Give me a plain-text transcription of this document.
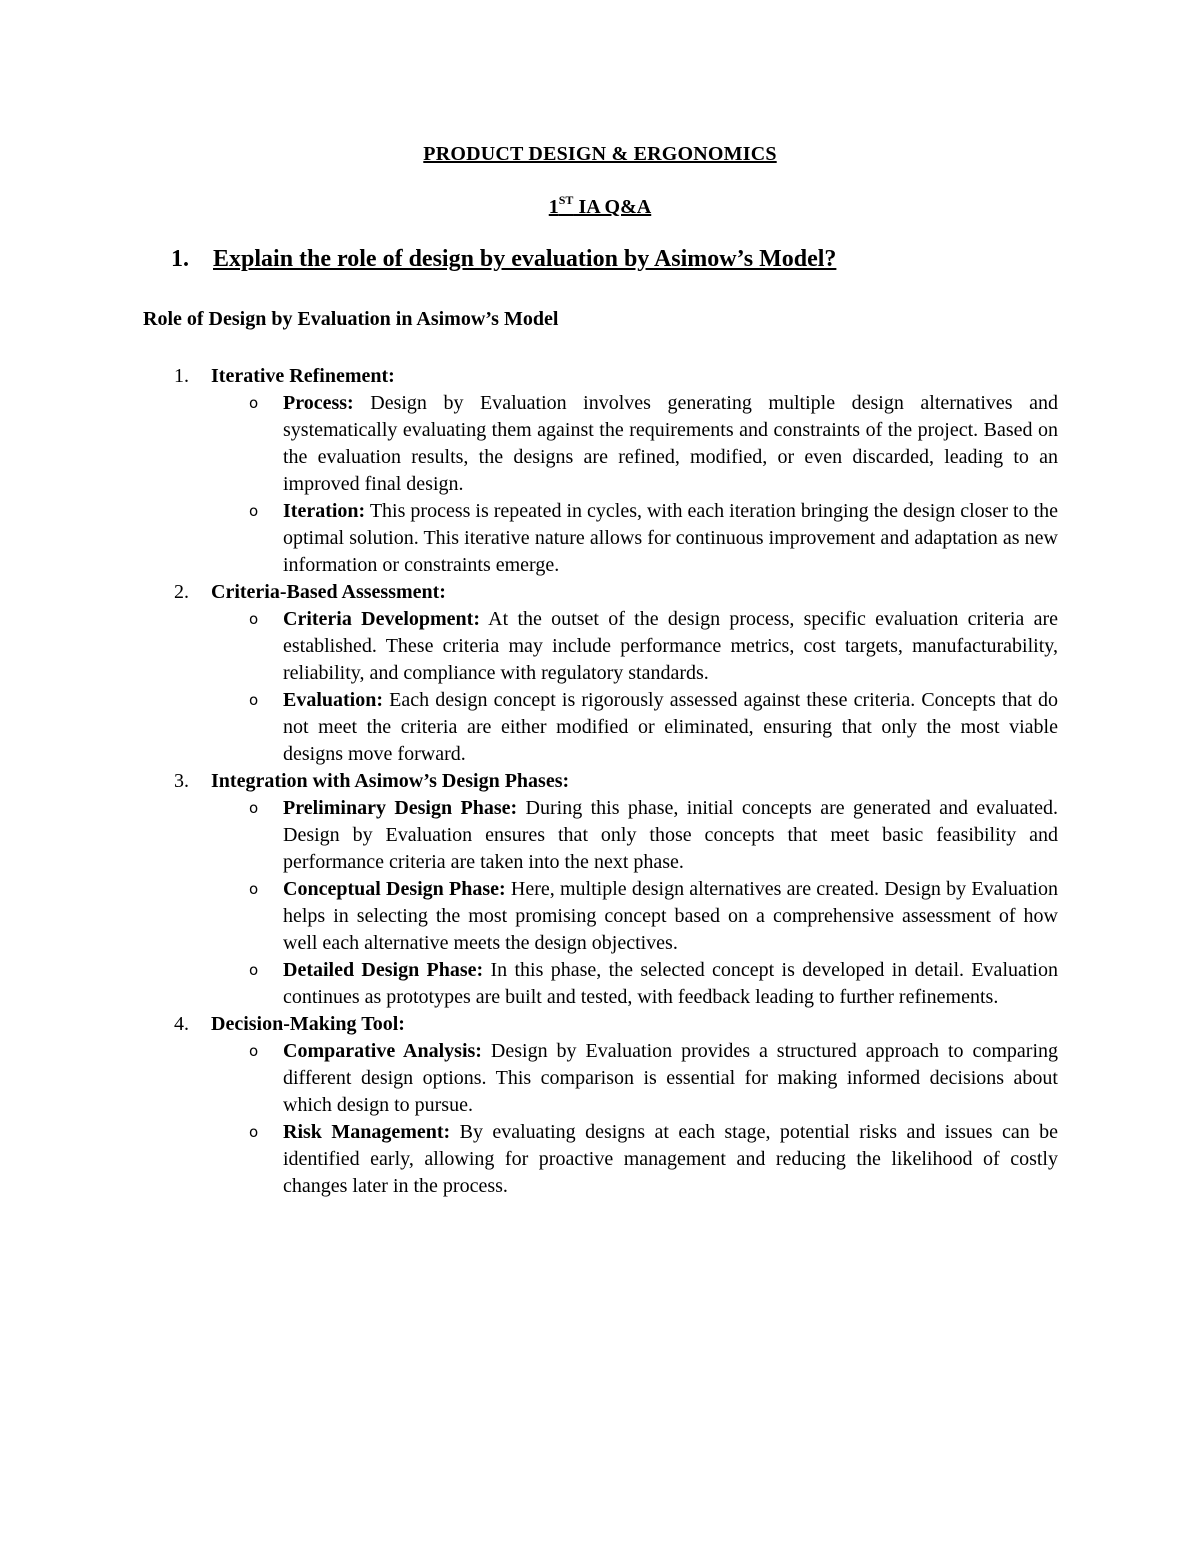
PRODUCT DESIGN & ERGONOMICS
1ST IA Q&A
1. Explain the role of design by evaluation by Asimow’s Model?
Role of Design by Evaluation in Asimow’s Model
1. Iterative Refinement:
o Process: Design by Evaluation involves generating multiple design alternatives and systematically evaluating them against the requirements and constraints of the project. Based on the evaluation results, the designs are refined, modified, or even discarded, leading to an improved final design.
o Iteration: This process is repeated in cycles, with each iteration bringing the design closer to the optimal solution. This iterative nature allows for continuous improvement and adaptation as new information or constraints emerge.
2. Criteria-Based Assessment:
o Criteria Development: At the outset of the design process, specific evaluation criteria are established. These criteria may include performance metrics, cost targets, manufacturability, reliability, and compliance with regulatory standards.
o Evaluation: Each design concept is rigorously assessed against these criteria. Concepts that do not meet the criteria are either modified or eliminated, ensuring that only the most viable designs move forward.
3. Integration with Asimow’s Design Phases:
o Preliminary Design Phase: During this phase, initial concepts are generated and evaluated. Design by Evaluation ensures that only those concepts that meet basic feasibility and performance criteria are taken into the next phase.
o Conceptual Design Phase: Here, multiple design alternatives are created. Design by Evaluation helps in selecting the most promising concept based on a comprehensive assessment of how well each alternative meets the design objectives.
o Detailed Design Phase: In this phase, the selected concept is developed in detail. Evaluation continues as prototypes are built and tested, with feedback leading to further refinements.
4. Decision-Making Tool:
o Comparative Analysis: Design by Evaluation provides a structured approach to comparing different design options. This comparison is essential for making informed decisions about which design to pursue.
o Risk Management: By evaluating designs at each stage, potential risks and issues can be identified early, allowing for proactive management and reducing the likelihood of costly changes later in the process.
